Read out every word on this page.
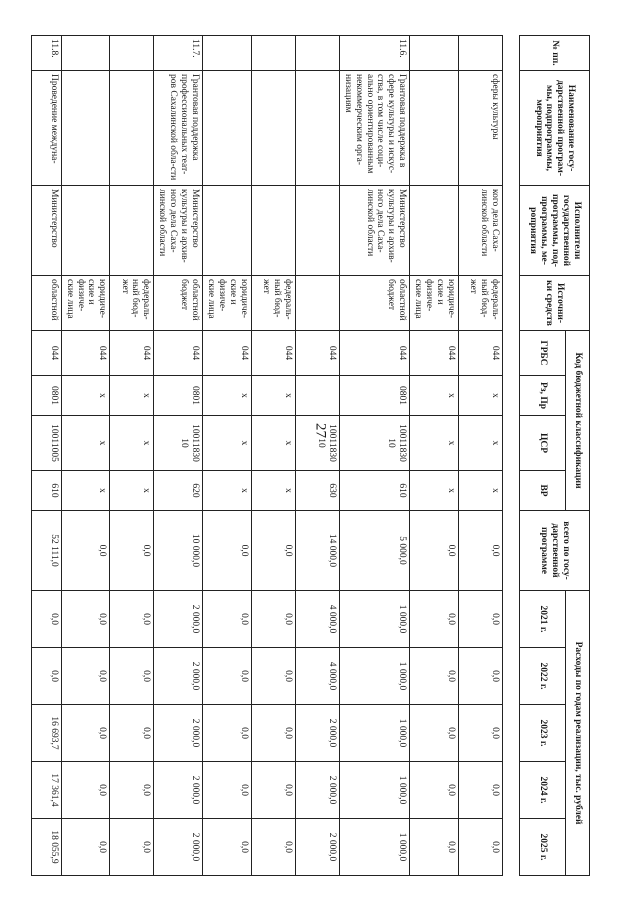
27
№ пп.	Наименование госу-дарственной програм-мы, подпрограммы, мероприятия	Исполнители государственной программы, под-программы, ме-роприятия	Источни-ки средств	Код бюджетной классификации				всего по госу-дарственной программе	Расходы по годам реализации, тыс. рублей				
				ГРБС	Рз, Пр	ЦСР	ВР		2021 г.	2022 г.	2023 г.	2024 г.	2025 г.

	сферы культуры	кого дела Саха-линской области	федераль-ный бюд-жет	044	х	х	х	0,0	0,0	0,0	0,0	0,0	0,0
			юридиче-ские и физиче-ские лица	044	х	х	х	0,0	0,0	0,0	0,0	0,0	0,0
11.6.	Грантовая поддержка в сфере культуры и искус-ства, в том числе соци-ально ориентированным некоммерческим орга-низациям	Министерство культуры и архив-ного дела Саха-линской области	областной бюджет	044	0801	10011830 10	610	5 000,0	1 000,0	1 000,0	1 000,0	1 000,0	1 000,0
				044		10011830 10	630	14 000,0	4 000,0	4 000,0	2 000,0	2 000,0	2 000,0
			федераль-ный бюд-жет	044	х	х	х	0,0	0,0	0,0	0,0	0,0	0,0
			юридиче-ские и физиче-ские лица	044	х	х	х	0,0	0,0	0,0	0,0	0,0	0,0
11.7.	Грантовая поддержка профессиональных теат-ров Сахалинской обла-сти	Министерство культуры и архив-ного дела Саха-линской области	областной бюджет	044	0801	10011830 10	620	10 000,0	2 000,0	2 000,0	2 000,0	2 000,0	2 000,0
			федераль-ный бюд-жет	044	х	х	х	0,0	0,0	0,0	0,0	0,0	0,0
			юридиче-ские и физиче-ские лица	044	х	х	х	0,0	0,0	0,0	0,0	0,0	0,0
11.8.	Проведение междуна-	Министерство	областной	044	0801	10011005	610	52 111,0	0,0	0,0	16 693,7	17 361,4	18 055,9
